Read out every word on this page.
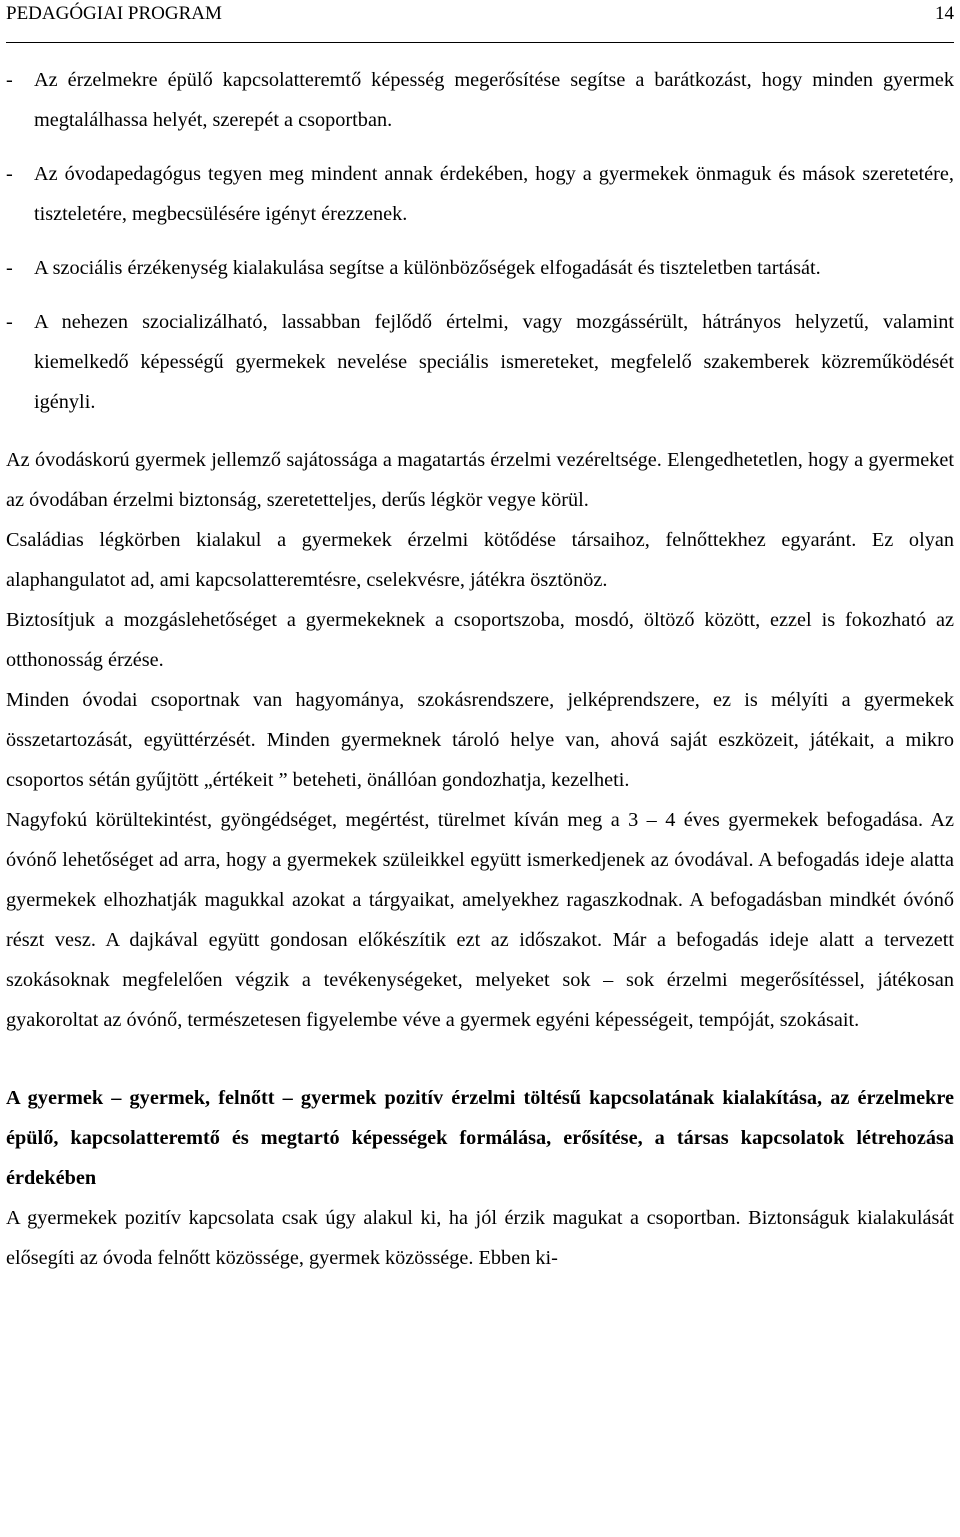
PEDAGÓGIAI PROGRAM	14
- Az érzelmekre épülő kapcsolatteremtő képesség megerősítése segítse a barátkozást, hogy minden gyermek megtalálhassa helyét, szerepét a csoportban.
- Az óvodapedagógus tegyen meg mindent annak érdekében, hogy a gyermekek önmaguk és mások szeretetére, tiszteletére, megbecsülésére igényt érezzenek.
- A szociális érzékenység kialakulása segítse a különbözőségek elfogadását és tiszteletben tartását.
- A nehezen szocializálható, lassabban fejlődő értelmi, vagy mozgássérült, hátrányos helyzetű, valamint kiemelkedő képességű gyermekek nevelése speciális ismereteket, megfelelő szakemberek közreműködését igényli.

Az óvodáskorú gyermek jellemző sajátossága a magatartás érzelmi vezéreltsége. Elengedhetetlen, hogy a gyermeket az óvodában érzelmi biztonság, szeretetteljes, derűs légkör vegye körül.

Családias légkörben kialakul a gyermekek érzelmi kötődése társaihoz, felnőttekhez egyaránt. Ez olyan alaphangulatot ad, ami kapcsolatteremtésre, cselekvésre, játékra ösztönöz.

Biztosítjuk a mozgáslehetőséget a gyermekeknek a csoportszoba, mosdó, öltöző között, ezzel is fokozható az otthonosság érzése.

Minden óvodai csoportnak van hagyománya, szokásrendszere, jelképrendszere, ez is mélyíti a gyermekek összetartozását, együttérzését. Minden gyermeknek tároló helye van, ahová saját eszközeit, játékait, a mikro csoportos sétán gyűjtött „értékeit ” beteheti, önállóan gondozhatja, kezelheti.

Nagyfokú körültekintést, gyöngédséget, megértést, türelmet kíván meg a 3 – 4 éves gyermekek befogadása. Az óvónő lehetőséget ad arra, hogy a gyermekek szüleikkel együtt ismerkedjenek az óvodával. A befogadás ideje alatta gyermekek elhozhatják magukkal azokat a tárgyaikat, amelyekhez ragaszkodnak. A befogadásban mindkét óvónő részt vesz. A dajkával együtt gondosan előkészítik ezt az időszakot. Már a befogadás ideje alatt a tervezett szokásoknak megfelelően végzik a tevékenységeket, melyeket sok – sok érzelmi megerősítéssel, játékosan gyakoroltat az óvónő, természetesen figyelembe véve a gyermek egyéni képességeit, tempóját, szokásait.

A gyermek – gyermek, felnőtt – gyermek pozitív érzelmi töltésű kapcsolatának kialakítása, az érzelmekre épülő, kapcsolatteremtő és megtartó képességek formálása, erősítése, a társas kapcsolatok létrehozása érdekében

A gyermekek pozitív kapcsolata csak úgy alakul ki, ha jól érzik magukat a csoportban. Biztonságuk kialakulását elősegíti az óvoda felnőtt közössége, gyermek közössége. Ebben ki-
